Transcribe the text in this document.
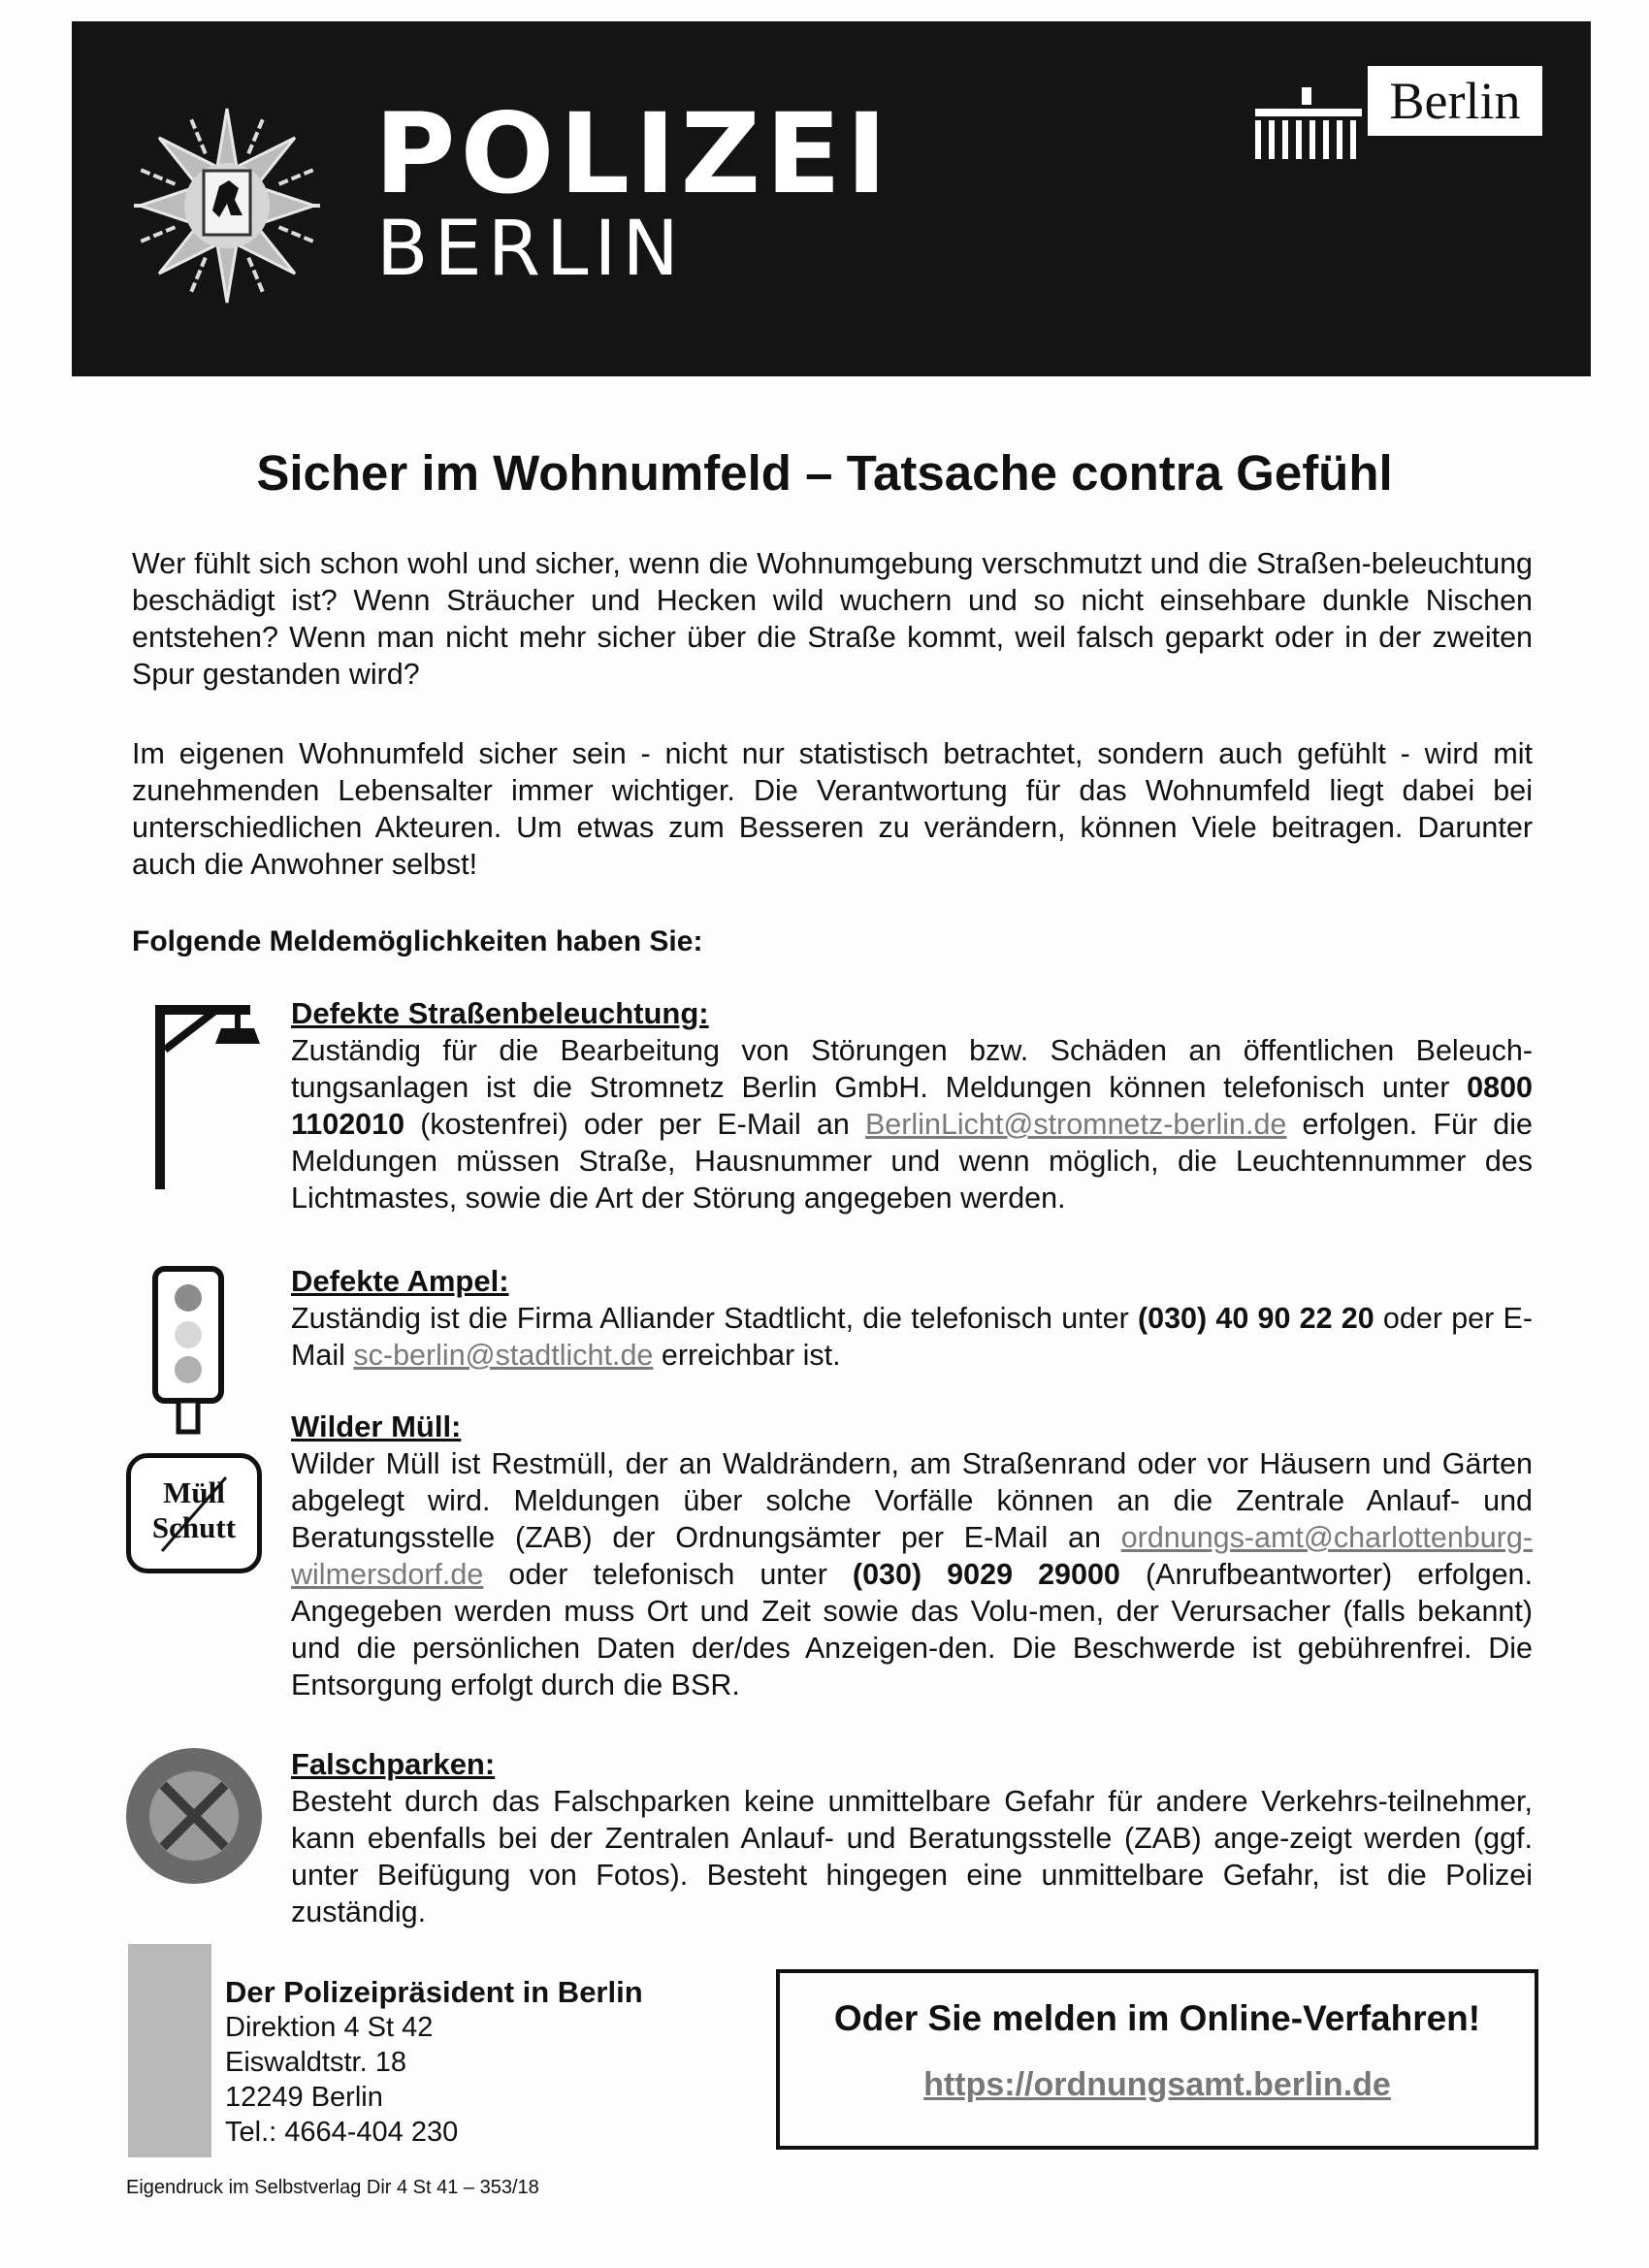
POLIZEI
BERLIN
Berlin
Sicher im Wohnumfeld – Tatsache contra Gefühl

Wer fühlt sich schon wohl und sicher, wenn die Wohnumgebung verschmutzt und die Straßen-beleuchtung beschädigt ist? Wenn Sträucher und Hecken wild wuchern und so nicht einsehbare dunkle Nischen entstehen? Wenn man nicht mehr sicher über die Straße kommt, weil falsch geparkt oder in der zweiten Spur gestanden wird?

Im eigenen Wohnumfeld sicher sein - nicht nur statistisch betrachtet, sondern auch gefühlt - wird mit zunehmenden Lebensalter immer wichtiger. Die Verantwortung für das Wohnumfeld liegt dabei bei unterschiedlichen Akteuren. Um etwas zum Besseren zu verändern, können Viele beitragen. Darunter auch die Anwohner selbst!

Folgende Meldemöglichkeiten haben Sie:

Defekte Straßenbeleuchtung:

Zuständig für die Bearbeitung von Störungen bzw. Schäden an öffentlichen Beleuch-tungsanlagen ist die Stromnetz Berlin GmbH. Meldungen können telefonisch unter 0800 1102010 (kostenfrei) oder per E-Mail an BerlinLicht@stromnetz-berlin.de erfolgen. Für die Meldungen müssen Straße, Hausnummer und wenn möglich, die Leuchtennummer des Lichtmastes, sowie die Art der Störung angegeben werden.

Defekte Ampel:

Zuständig ist die Firma Alliander Stadtlicht, die telefonisch unter (030) 40 90 22 20 oder per E-Mail sc-berlin@stadtlicht.de erreichbar ist.

Müll
Schutt
Wilder Müll:

Wilder Müll ist Restmüll, der an Waldrändern, am Straßenrand oder vor Häusern und Gärten abgelegt wird. Meldungen über solche Vorfälle können an die Zentrale Anlauf- und Beratungsstelle (ZAB) der Ordnungsämter per E-Mail an ordnungs-amt@charlottenburg-wilmersdorf.de oder telefonisch unter (030) 9029 29000 (Anrufbeantworter) erfolgen. Angegeben werden muss Ort und Zeit sowie das Volu-men, der Verursacher (falls bekannt) und die persönlichen Daten der/des Anzeigen-den. Die Beschwerde ist gebührenfrei. Die Entsorgung erfolgt durch die BSR.

Falschparken:

Besteht durch das Falschparken keine unmittelbare Gefahr für andere Verkehrs-teilnehmer, kann ebenfalls bei der Zentralen Anlauf- und Beratungsstelle (ZAB) ange-zeigt werden (ggf. unter Beifügung von Fotos). Besteht hingegen eine unmittelbare Gefahr, ist die Polizei zuständig.

Der Polizeipräsident in Berlin
Direktion 4 St 42
Eiswaldtstr. 18
12249 Berlin
Tel.: 4664-404 230
Oder Sie melden im Online-Verfahren!
https://ordnungsamt.berlin.de
Eigendruck im Selbstverlag Dir 4 St 41 – 353/18
